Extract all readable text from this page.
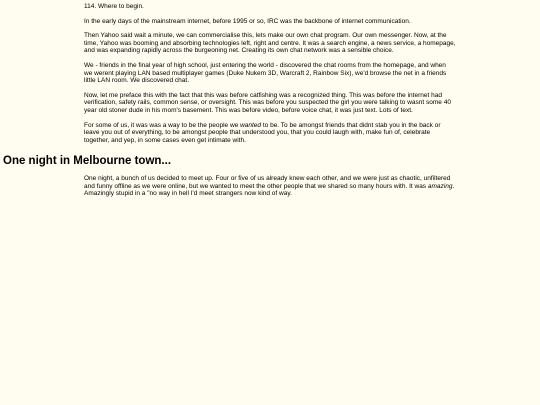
114. Where to begin.

In the early days of the mainstream internet, before 1995 or so, IRC was the backbone of internet communication.

Then Yahoo said wait a minute, we can commercialise this, lets make our own chat program. Our own messenger. Now, at the time, Yahoo was booming and absorbing technologies left, right and centre. It was a search engine, a news service, a homepage, and was expanding rapidly across the burgeoning net. Creating its own chat network was a sensible choice.

We - friends in the final year of high school, just entering the world - discovered the chat rooms from the homepage, and when we werent playing LAN based multiplayer games (Duke Nukem 3D, Warcraft 2, Rainbow Six), we'd browse the net in a friends little LAN room. We discovered chat.

Now, let me preface this with the fact that this was before catfishing was a recognized thing. This was before the internet had verification, safety rails, common sense, or oversight. This was before you suspected the girl you were talking to wasnt some 40 year old stoner dude in his mom's basement. This was before video, before voice chat, it was just text. Lots of text.

For some of us, it was was a way to be the people we wanted to be. To be amongst friends that didnt stab you in the back or leave you out of everything, to be amongst people that understood you, that you could laugh with, make fun of, celebrate together, and yep, in some cases even get intimate with.

One night in Melbourne town...

One night, a bunch of us decided to meet up. Four or five of us already knew each other, and we were just as chaotic, unfiltered and funny offline as we were online, but we wanted to meet the other people that we shared so many hours with. It was amazing. Amazingly stupid in a "no way in hell I'd meet strangers now kind of way.
